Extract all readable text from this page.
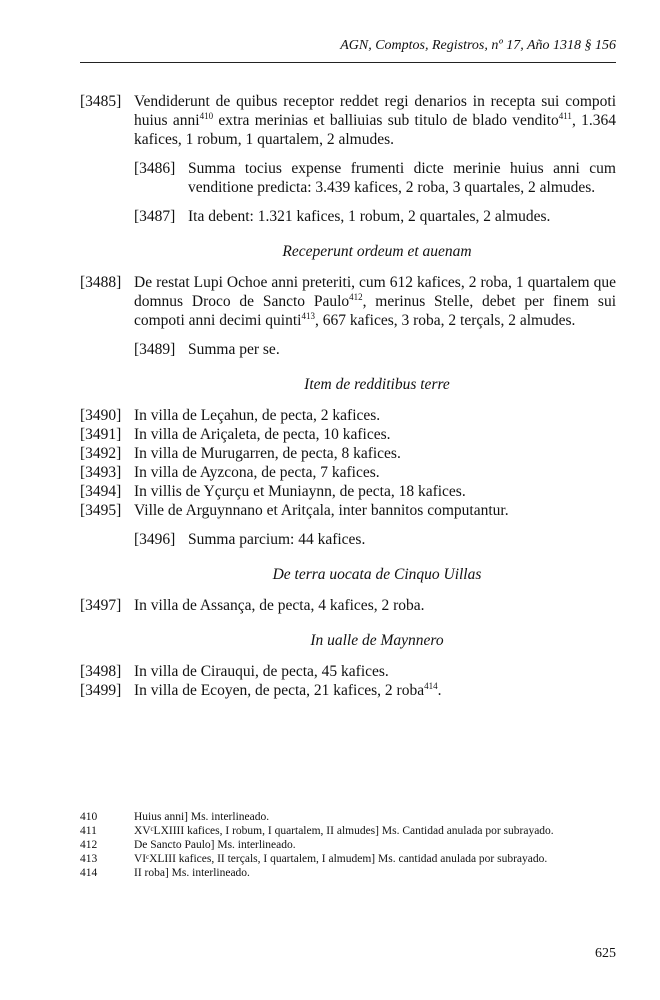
AGN, Comptos, Registros, nº 17, Año 1318 § 156
[3485] Vendiderunt de quibus receptor reddet regi denarios in recepta sui compoti huius anni$^{410}$ extra merinias et balliuias sub titulo de blado vendito$^{411}$, 1.364 kafices, 1 robum, 1 quartalem, 2 almudes.
[3486] Summa tocius expense frumenti dicte merinie huius anni cum venditione predicta: 3.439 kafices, 2 roba, 3 quartales, 2 almudes.
[3487] Ita debent: 1.321 kafices, 1 robum, 2 quartales, 2 almudes.
Receperunt ordeum et auenam
[3488] De restat Lupi Ochoe anni preteriti, cum 612 kafices, 2 roba, 1 quartalem que domnus Droco de Sancto Paulo$^{412}$, merinus Stelle, debet per finem sui compoti anni decimi quinti$^{413}$, 667 kafices, 3 roba, 2 terçals, 2 almudes.
[3489] Summa per se.
Item de redditibus terre
[3490] In villa de Leçahun, de pecta, 2 kafices.
[3491] In villa de Ariçaleta, de pecta, 10 kafices.
[3492] In villa de Murugarren, de pecta, 8 kafices.
[3493] In villa de Ayzcona, de pecta, 7 kafices.
[3494] In villis de Yçurçu et Muniaynn, de pecta, 18 kafices.
[3495] Ville de Arguynnano et Aritçala, inter bannitos computantur.
[3496] Summa parcium: 44 kafices.
De terra uocata de Cinquo Uillas
[3497] In villa de Assança, de pecta, 4 kafices, 2 roba.
In ualle de Maynnero
[3498] In villa de Cirauqui, de pecta, 45 kafices.
[3499] In villa de Ecoyen, de pecta, 21 kafices, 2 roba$^{414}$.
410	Huius anni] Ms. interlineado.
411	XVᶜLXIIII kafices, I robum, I quartalem, II almudes] Ms. Cantidad anulada por subrayado.
412	De Sancto Paulo] Ms. interlineado.
413	VIᶜXLIII kafices, II terçals, I quartalem, I almudem] Ms. cantidad anulada por subrayado.
414	II roba] Ms. interlineado.
625
